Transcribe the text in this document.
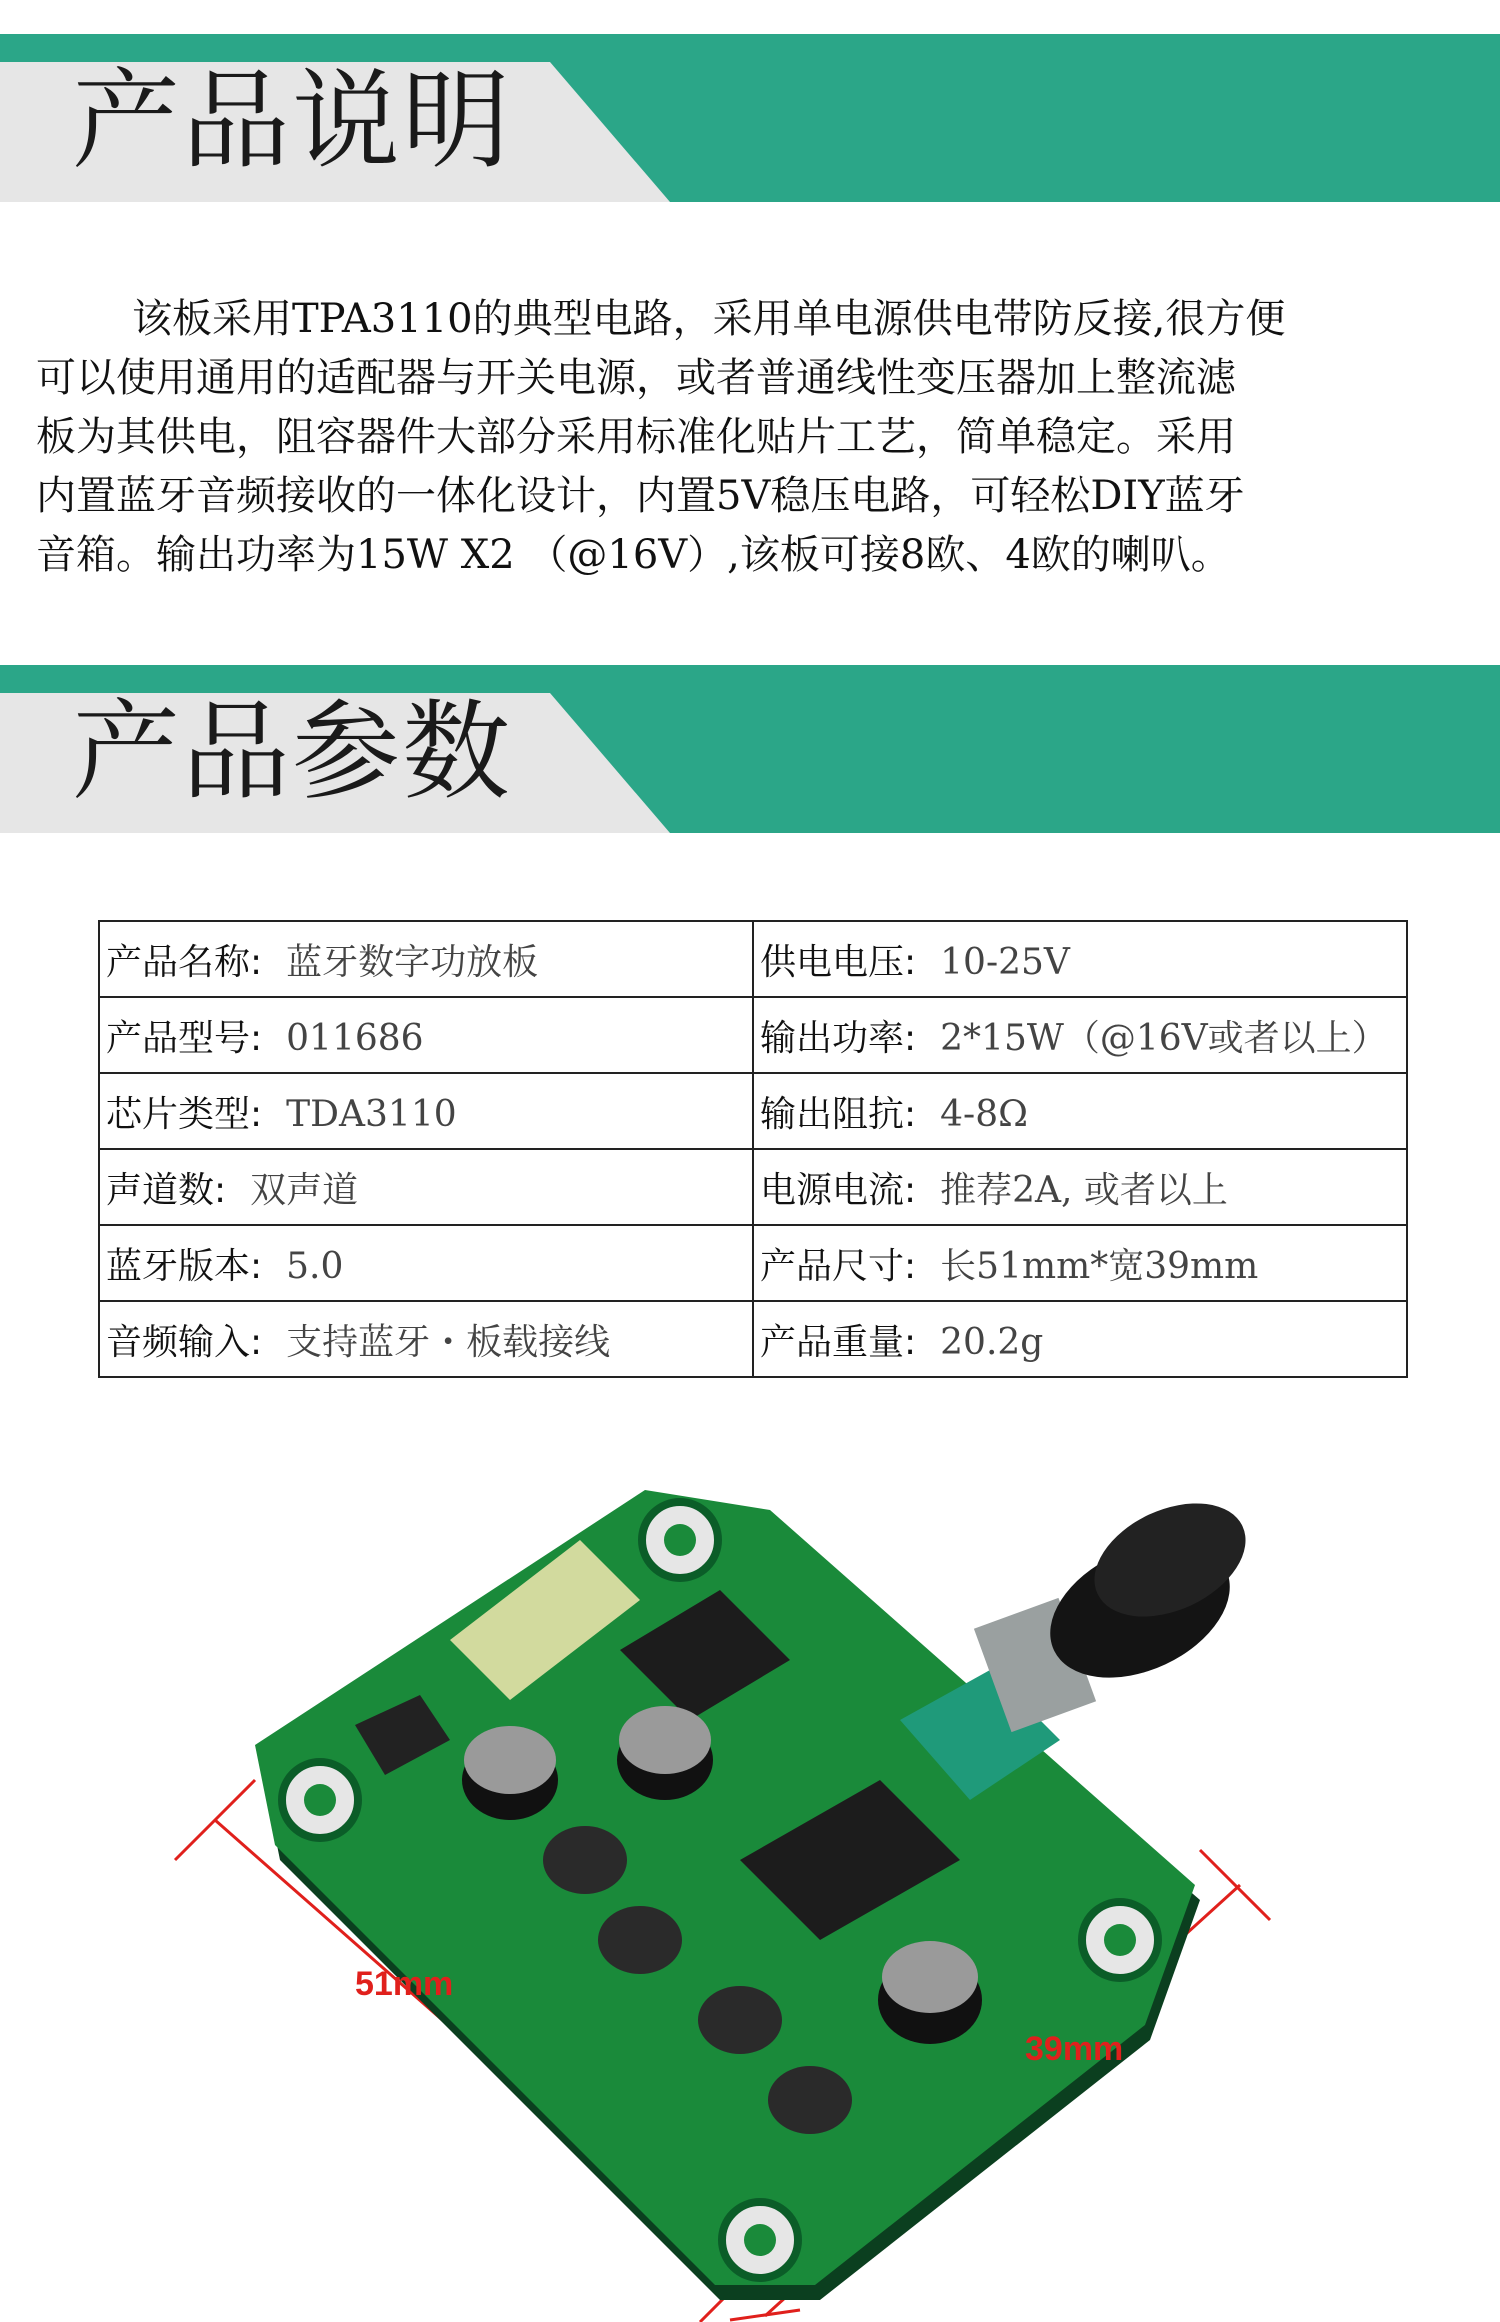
产品说明

该板采用TPA3110的典型电路，采用单电源供电带防反接,很方便

可以使用通用的适配器与开关电源，或者普通线性变压器加上整流滤

板为其供电，阻容器件大部分采用标准化贴片工艺，简单稳定。采用

内置蓝牙音频接收的一体化设计，内置5V稳压电路，可轻松DIY蓝牙

音箱。输出功率为15W X2 （@16V）,该板可接8欧、4欧的喇叭。

产品参数
产品名称: 蓝牙数字功放板	供电电压: 10-25V
产品型号: 011686	输出功率: 2*15W（@16V或者以上）
芯片类型: TDA3110	输出阻抗: 4-8Ω
声道数: 双声道	电源电流: 推荐2A, 或者以上
蓝牙版本: 5.0	产品尺寸: 长51mm*宽39mm
音频输入: 支持蓝牙・板载接线	产品重量: 20.2g
51mm
39mm
